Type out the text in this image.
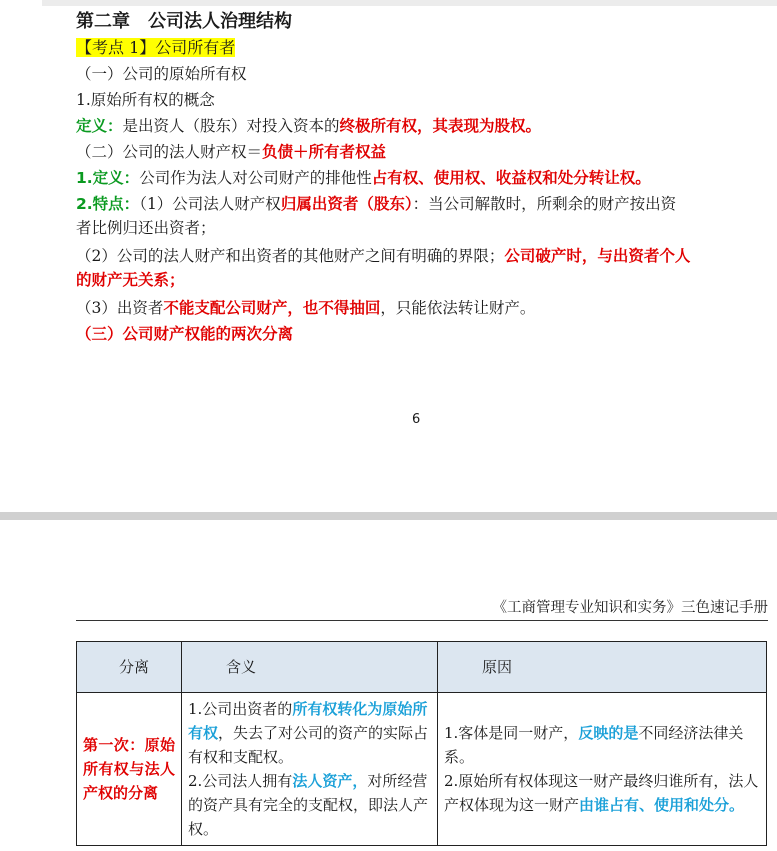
第二章　公司法人治理结构
【考点 1】公司所有者
（一）公司的原始所有权
1.原始所有权的概念
定义：是出资人（股东）对投入资本的终极所有权，其表现为股权。
（二）公司的法人财产权＝负债＋所有者权益
1.定义：公司作为法人对公司财产的排他性占有权、使用权、收益权和处分转让权。
2.特点：（1）公司法人财产权归属出资者（股东）：当公司解散时，所剩余的财产按出资
者比例归还出资者；
（2）公司的法人财产和出资者的其他财产之间有明确的界限；公司破产时，与出资者个人
的财产无关系；
（3）出资者不能支配公司财产，也不得抽回，只能依法转让财产。
（三）公司财产权能的两次分离
6
《工商管理专业知识和实务》三色速记手册
分离	含义	原因
第一次：原始所有权与法人产权的分离	1.公司出资者的所有权转化为原始所有权，失去了对公司的资产的实际占有权和支配权。
2.公司法人拥有法人资产，对所经营的资产具有完全的支配权，即法人产权。	1.客体是同一财产，反映的是不同经济法律关系。
2.原始所有权体现这一财产最终归谁所有，法人产权体现为这一财产由谁占有、使用和处分。
